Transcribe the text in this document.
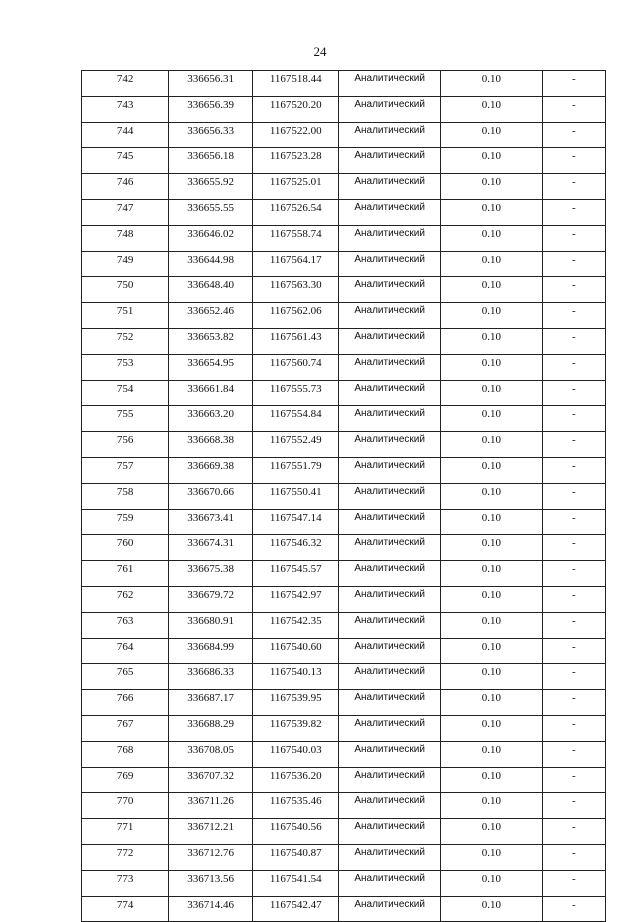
24
742	336656.31	1167518.44	Аналитический	0.10	-
743	336656.39	1167520.20	Аналитический	0.10	-
744	336656.33	1167522.00	Аналитический	0.10	-
745	336656.18	1167523.28	Аналитический	0.10	-
746	336655.92	1167525.01	Аналитический	0.10	-
747	336655.55	1167526.54	Аналитический	0.10	-
748	336646.02	1167558.74	Аналитический	0.10	-
749	336644.98	1167564.17	Аналитический	0.10	-
750	336648.40	1167563.30	Аналитический	0.10	-
751	336652.46	1167562.06	Аналитический	0.10	-
752	336653.82	1167561.43	Аналитический	0.10	-
753	336654.95	1167560.74	Аналитический	0.10	-
754	336661.84	1167555.73	Аналитический	0.10	-
755	336663.20	1167554.84	Аналитический	0.10	-
756	336668.38	1167552.49	Аналитический	0.10	-
757	336669.38	1167551.79	Аналитический	0.10	-
758	336670.66	1167550.41	Аналитический	0.10	-
759	336673.41	1167547.14	Аналитический	0.10	-
760	336674.31	1167546.32	Аналитический	0.10	-
761	336675.38	1167545.57	Аналитический	0.10	-
762	336679.72	1167542.97	Аналитический	0.10	-
763	336680.91	1167542.35	Аналитический	0.10	-
764	336684.99	1167540.60	Аналитический	0.10	-
765	336686.33	1167540.13	Аналитический	0.10	-
766	336687.17	1167539.95	Аналитический	0.10	-
767	336688.29	1167539.82	Аналитический	0.10	-
768	336708.05	1167540.03	Аналитический	0.10	-
769	336707.32	1167536.20	Аналитический	0.10	-
770	336711.26	1167535.46	Аналитический	0.10	-
771	336712.21	1167540.56	Аналитический	0.10	-
772	336712.76	1167540.87	Аналитический	0.10	-
773	336713.56	1167541.54	Аналитический	0.10	-
774	336714.46	1167542.47	Аналитический	0.10	-
